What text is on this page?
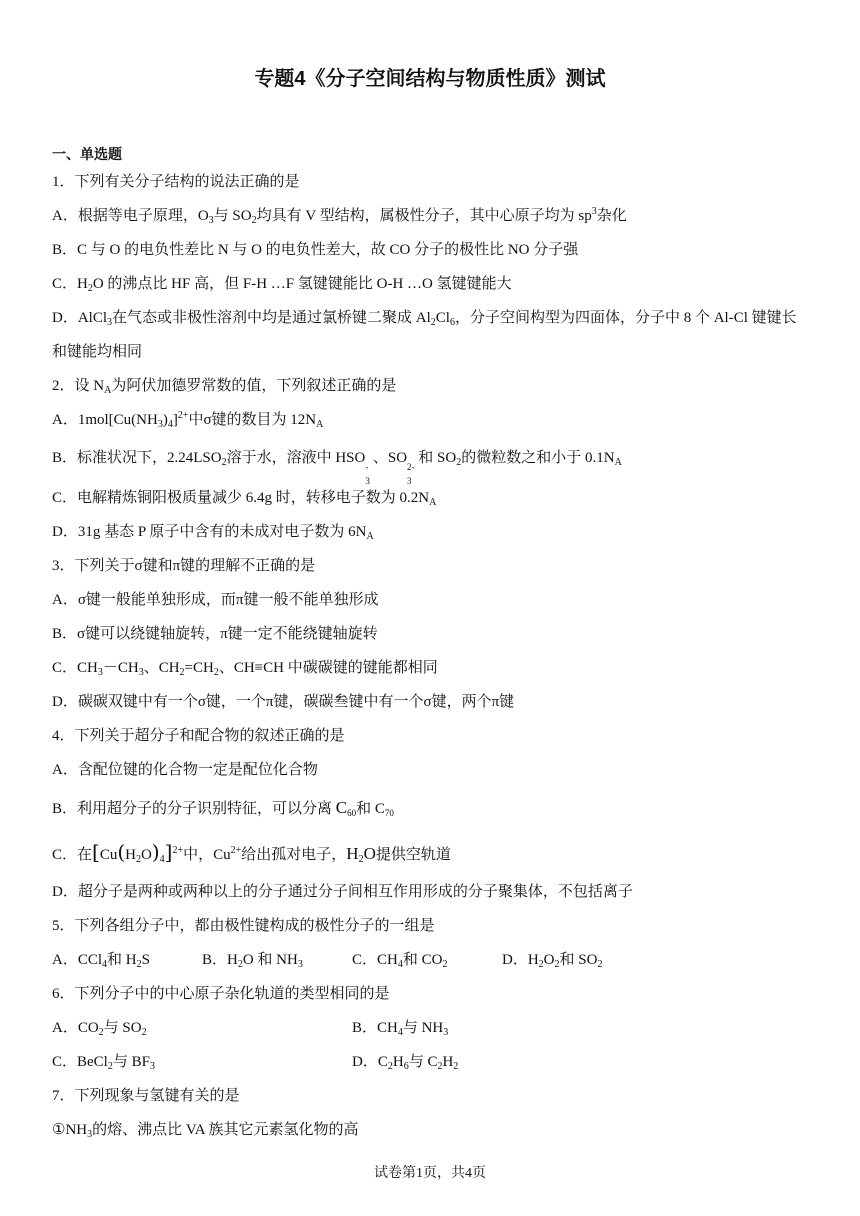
专题4《分子空间结构与物质性质》测试
一、单选题
1．下列有关分子结构的说法正确的是
A．根据等电子原理，$O_3$与 $SO_2$均具有 V 型结构，属极性分子，其中心原子均为 $sp^3$杂化
B．C 与 O 的电负性差比 N 与 O 的电负性差大，故 CO 分子的极性比 NO 分子强
C．$H_2O$ 的沸点比 HF 高，但 F-H …F 氢键键能比 O-H …O 氢键键能大
D．AlCl$_3$在气态或非极性溶剂中均是通过氯桥键二聚成 $Al_2Cl_6$，分子空间构型为四面体，分子中 8 个 Al-Cl 键键长
和键能均相同
2．设 $N_A$为阿伏加德罗常数的值，下列叙述正确的是
A．$1mol[Cu(NH_3)_4]^{2+}$中σ键的数目为 $12N_A$
B．标准状况下，$2.24LSO_2$溶于水，溶液中 HSO
-
3
、SO
2-
3
和 $SO_2$的微粒数之和小于 $0.1N_A$
C．电解精炼铜阳极质量减少 6.4g 时，转移电子数为 $0.2N_A$
D．31g 基态 P 原子中含有的未成对电子数为 $6N_A$
3．下列关于σ键和π键的理解不正确的是
A．σ键一般能单独形成，而π键一般不能单独形成
B．σ键可以绕键轴旋转，π键一定不能绕键轴旋转
C．$CH_3-CH_3$、$CH_2=CH_2$、CH≡CH 中碳碳键的键能都相同
D．碳碳双键中有一个σ键，一个π键，碳碳叁键中有一个σ键，两个π键
4．下列关于超分子和配合物的叙述正确的是
A．含配位键的化合物一定是配位化合物
B．利用超分子的分子识别特征，可以分离 $C_{60}$和 $C_{70}$
C．在$[Cu(H_2O)_4]^{2+}$中，$Cu^{2+}$给出孤对电子，$H_2O$提供空轨道
D．超分子是两种或两种以上的分子通过分子间相互作用形成的分子聚集体，不包括离子
5．下列各组分子中，都由极性键构成的极性分子的一组是
A．CCl$_4$和 $H_2S$	B．$H_2O$ 和 $NH_3$	C．$CH_4$和 $CO_2$	D．$H_2O_2$和 $SO_2$
6．下列分子中的中心原子杂化轨道的类型相同的是
A．$CO_2$与 $SO_2$	B．$CH_4$与 $NH_3$
C．BeCl$_2$与 $BF_3$	D．$C_2H_6$与 $C_2H_2$
7．下列现象与氢键有关的是
$①NH_3$的熔、沸点比 VA 族其它元素氢化物的高
试卷第1页，共4页
